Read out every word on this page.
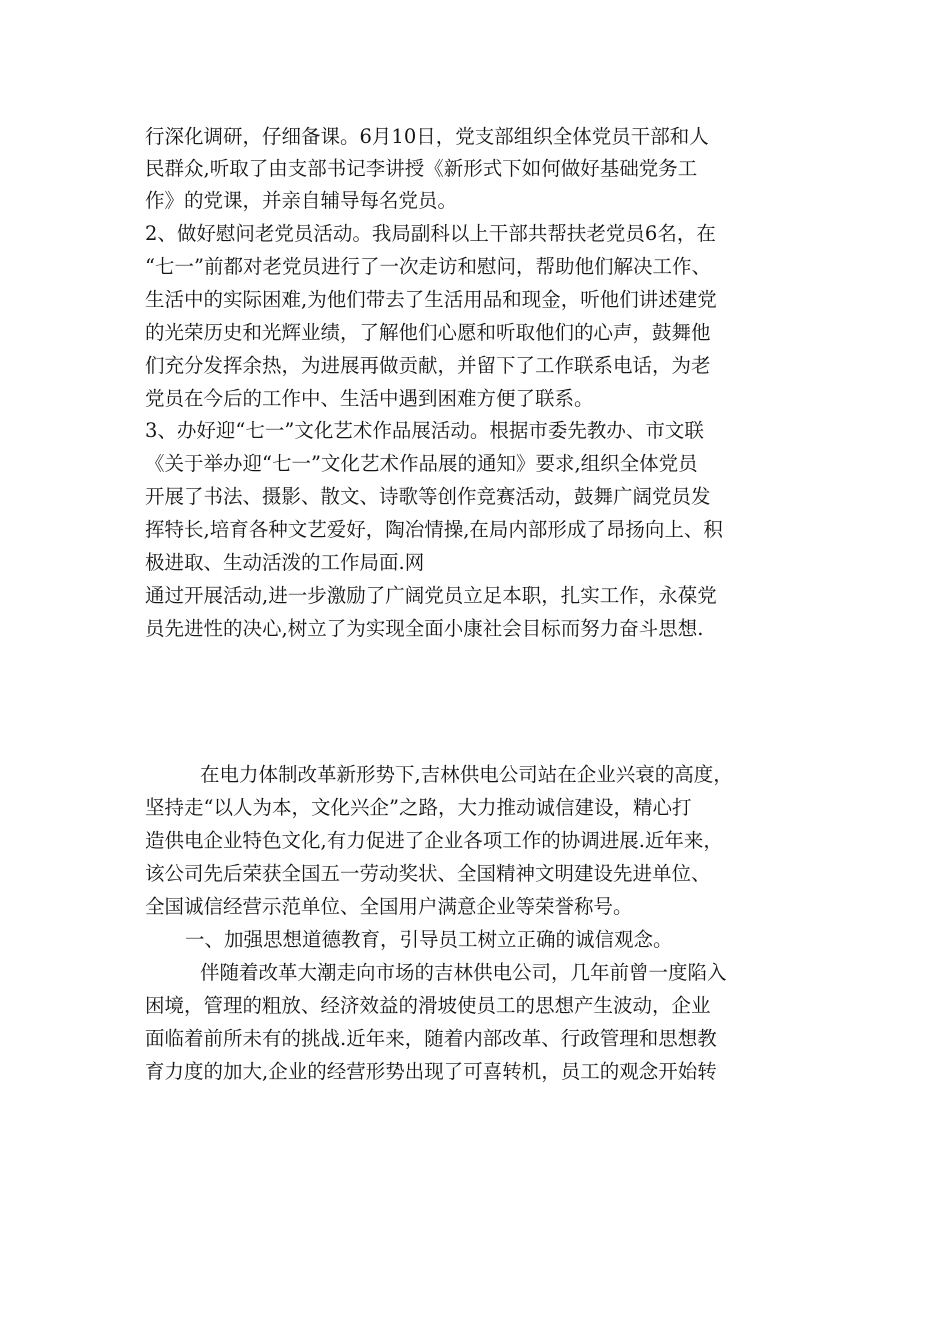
行深化调研，仔细备课。6月10日，党支部组织全体党员干部和人
民群众,听取了由支部书记李讲授《新形式下如何做好基础党务工
作》的党课，并亲自辅导每名党员。
2、做好慰问老党员活动。我局副科以上干部共帮扶老党员6名，在
“七一”前都对老党员进行了一次走访和慰问，帮助他们解决工作、
生活中的实际困难,为他们带去了生活用品和现金，听他们讲述建党
的光荣历史和光辉业绩，了解他们心愿和听取他们的心声，鼓舞他
们充分发挥余热，为进展再做贡献，并留下了工作联系电话，为老
党员在今后的工作中、生活中遇到困难方便了联系。
3、办好迎“七一”文化艺术作品展活动。根据市委先教办、市文联
《关于举办迎“七一”文化艺术作品展的通知》要求,组织全体党员
开展了书法、摄影、散文、诗歌等创作竞赛活动，鼓舞广阔党员发
挥特长,培育各种文艺爱好，陶冶情操,在局内部形成了昂扬向上、积
极进取、生动活泼的工作局面.网
通过开展活动,进一步激励了广阔党员立足本职，扎实工作，永葆党
员先进性的决心,树立了为实现全面小康社会目标而努力奋斗思想.
在电力体制改革新形势下,吉林供电公司站在企业兴衰的高度，
坚持走“以人为本，文化兴企”之路，大力推动诚信建设，精心打
造供电企业特色文化,有力促进了企业各项工作的协调进展.近年来，
该公司先后荣获全国五一劳动奖状、全国精神文明建设先进单位、
全国诚信经营示范单位、全国用户满意企业等荣誉称号。
一、加强思想道德教育，引导员工树立正确的诚信观念。
伴随着改革大潮走向市场的吉林供电公司，几年前曾一度陷入
困境，管理的粗放、经济效益的滑坡使员工的思想产生波动，企业
面临着前所未有的挑战.近年来，随着内部改革、行政管理和思想教
育力度的加大,企业的经营形势出现了可喜转机，员工的观念开始转
